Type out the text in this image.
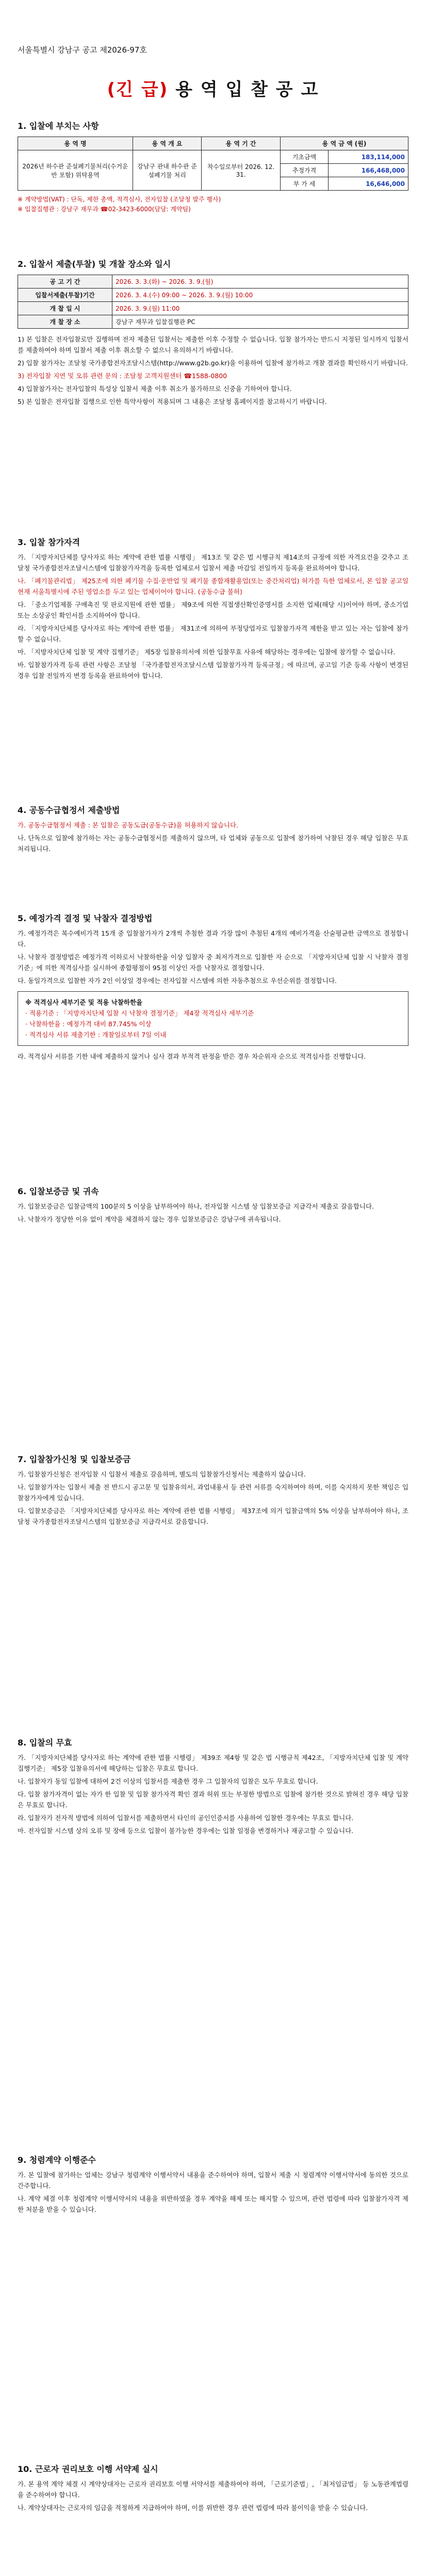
서울특별시 강남구 공고 제2026-97호
(긴 급) 용 역 입 찰 공 고
1. 입찰에 부치는 사항
용 역 명	용 역 개 요	용 역 기 간	용 역 금 액 (원)	
2026년 하수관 준설폐기물처리(수거운반 포함) 위탁용역	강남구 관내 하수관 준설폐기물 처리	착수일로부터 2026. 12. 31.	기초금액	183,114,000
			추정가격	166,468,000
			부 가 세	16,646,000
※ 계약방법(VAT) : 단독, 제한 총액, 적격심사, 전자입찰 (조달청 발주 행사)
※ 입찰집행관 : 강남구 재무과 ☎02-3423-6000(담당: 계약팀)
2. 입찰서 제출(투찰) 및 개찰 장소와 일시
공 고 기 간	2026. 3. 3.(화) ~ 2026. 3. 9.(월)
입찰서제출(투찰)기간	2026. 3. 4.(수) 09:00 ~ 2026. 3. 9.(월) 10:00
개 찰 일 시	2026. 3. 9.(월) 11:00
개 찰 장 소	강남구 재무과 입찰집행관 PC

1) 본 입찰은 전자입찰로만 집행하며 전자 제출된 입찰서는 제출한 이후 수정할 수 없습니다. 입찰 참가자는 반드시 지정된 일시까지 입찰서를 제출하여야 하며 입찰서 제출 이후 취소할 수 없으니 유의하시기 바랍니다.

2) 입찰 참가자는 조달청 국가종합전자조달시스템(http://www.g2b.go.kr)을 이용하여 입찰에 참가하고 개찰 결과를 확인하시기 바랍니다.

3) 전자입찰 지연 및 오류 관련 문의 : 조달청 고객지원센터 ☎1588-0800

4) 입찰참가자는 전자입찰의 특성상 입찰서 제출 이후 취소가 불가하므로 신중을 기하여야 합니다.

5) 본 입찰은 전자입찰 집행으로 인한 특약사항이 적용되며 그 내용은 조달청 홈페이지를 참고하시기 바랍니다.

3. 입찰 참가자격

가. 「지방자치단체를 당사자로 하는 계약에 관한 법률 시행령」 제13조 및 같은 법 시행규칙 제14조의 규정에 의한 자격요건을 갖추고 조달청 국가종합전자조달시스템에 입찰참가자격을 등록한 업체로서 입찰서 제출 마감일 전일까지 등록을 완료하여야 합니다.

나. 「폐기물관리법」 제25조에 의한 폐기물 수집·운반업 및 폐기물 종합재활용업(또는 중간처리업) 허가를 득한 업체로서, 본 입찰 공고일 현재 서울특별시에 주된 영업소를 두고 있는 업체이어야 합니다. (공동수급 불허)

다. 「중소기업제품 구매촉진 및 판로지원에 관한 법률」 제9조에 의한 직접생산확인증명서를 소지한 업체(해당 시)이어야 하며, 중소기업 또는 소상공인 확인서를 소지하여야 합니다.

라. 「지방자치단체를 당사자로 하는 계약에 관한 법률」 제31조에 의하여 부정당업자로 입찰참가자격 제한을 받고 있는 자는 입찰에 참가할 수 없습니다.

마. 「지방자치단체 입찰 및 계약 집행기준」 제5장 입찰유의서에 의한 입찰무효 사유에 해당하는 경우에는 입찰에 참가할 수 없습니다.

바. 입찰참가자격 등록 관련 사항은 조달청 「국가종합전자조달시스템 입찰참가자격 등록규정」에 따르며, 공고일 기준 등록 사항이 변경된 경우 입찰 전일까지 변경 등록을 완료하여야 합니다.

4. 공동수급협정서 제출방법

가. 공동수급협정서 제출 : 본 입찰은 공동도급(공동수급)을 허용하지 않습니다.

나. 단독으로 입찰에 참가하는 자는 공동수급협정서를 제출하지 않으며, 타 업체와 공동으로 입찰에 참가하여 낙찰된 경우 해당 입찰은 무효 처리됩니다.

5. 예정가격 결정 및 낙찰자 결정방법

가. 예정가격은 복수예비가격 15개 중 입찰참가자가 2개씩 추첨한 결과 가장 많이 추첨된 4개의 예비가격을 산술평균한 금액으로 결정합니다.

나. 낙찰자 결정방법은 예정가격 이하로서 낙찰하한율 이상 입찰자 중 최저가격으로 입찰한 자 순으로 「지방자치단체 입찰 시 낙찰자 결정기준」에 의한 적격심사를 실시하여 종합평점이 95점 이상인 자를 낙찰자로 결정합니다.

다. 동일가격으로 입찰한 자가 2인 이상일 경우에는 전자입찰 시스템에 의한 자동추첨으로 우선순위를 결정합니다.

※ 적격심사 세부기준 및 적용 낙찰하한율
· 적용기준 : 「지방자치단체 입찰 시 낙찰자 결정기준」 제4장 적격심사 세부기준
· 낙찰하한율 : 예정가격 대비 87.745% 이상
· 적격심사 서류 제출기한 : 개찰일로부터 7일 이내

라. 적격심사 서류를 기한 내에 제출하지 않거나 심사 결과 부적격 판정을 받은 경우 차순위자 순으로 적격심사를 진행합니다.

6. 입찰보증금 및 귀속

가. 입찰보증금은 입찰금액의 100분의 5 이상을 납부하여야 하나, 전자입찰 시스템 상 입찰보증금 지급각서 제출로 갈음합니다.

나. 낙찰자가 정당한 이유 없이 계약을 체결하지 않는 경우 입찰보증금은 강남구에 귀속됩니다.

7. 입찰참가신청 및 입찰보증금

가. 입찰참가신청은 전자입찰 시 입찰서 제출로 갈음하며, 별도의 입찰참가신청서는 제출하지 않습니다.

나. 입찰참가자는 입찰서 제출 전 반드시 공고문 및 입찰유의서, 과업내용서 등 관련 서류를 숙지하여야 하며, 이를 숙지하지 못한 책임은 입찰참가자에게 있습니다.

다. 입찰보증금은 「지방자치단체를 당사자로 하는 계약에 관한 법률 시행령」 제37조에 의거 입찰금액의 5% 이상을 납부하여야 하나, 조달청 국가종합전자조달시스템의 입찰보증금 지급각서로 갈음합니다.

8. 입찰의 무효

가. 「지방자치단체를 당사자로 하는 계약에 관한 법률 시행령」 제39조 제4항 및 같은 법 시행규칙 제42조, 「지방자치단체 입찰 및 계약 집행기준」 제5장 입찰유의서에 해당하는 입찰은 무효로 합니다.

나. 입찰자가 동일 입찰에 대하여 2건 이상의 입찰서를 제출한 경우 그 입찰자의 입찰은 모두 무효로 합니다.

다. 입찰 참가자격이 없는 자가 한 입찰 및 입찰 참가자격 확인 결과 허위 또는 부정한 방법으로 입찰에 참가한 것으로 밝혀진 경우 해당 입찰은 무효로 합니다.

라. 입찰자가 전자적 방법에 의하여 입찰서를 제출하면서 타인의 공인인증서를 사용하여 입찰한 경우에는 무효로 합니다.

마. 전자입찰 시스템 상의 오류 및 장애 등으로 입찰이 불가능한 경우에는 입찰 일정을 변경하거나 재공고할 수 있습니다.

9. 청렴계약 이행준수

가. 본 입찰에 참가하는 업체는 강남구 청렴계약 이행서약서 내용을 준수하여야 하며, 입찰서 제출 시 청렴계약 이행서약서에 동의한 것으로 간주합니다.

나. 계약 체결 이후 청렴계약 이행서약서의 내용을 위반하였을 경우 계약을 해제 또는 해지할 수 있으며, 관련 법령에 따라 입찰참가자격 제한 처분을 받을 수 있습니다.

10. 근로자 권리보호 이행 서약제 실시

가. 본 용역 계약 체결 시 계약상대자는 근로자 권리보호 이행 서약서를 제출하여야 하며, 「근로기준법」, 「최저임금법」 등 노동관계법령을 준수하여야 합니다.

나. 계약상대자는 근로자의 임금을 적정하게 지급하여야 하며, 이를 위반한 경우 관련 법령에 따라 불이익을 받을 수 있습니다.
